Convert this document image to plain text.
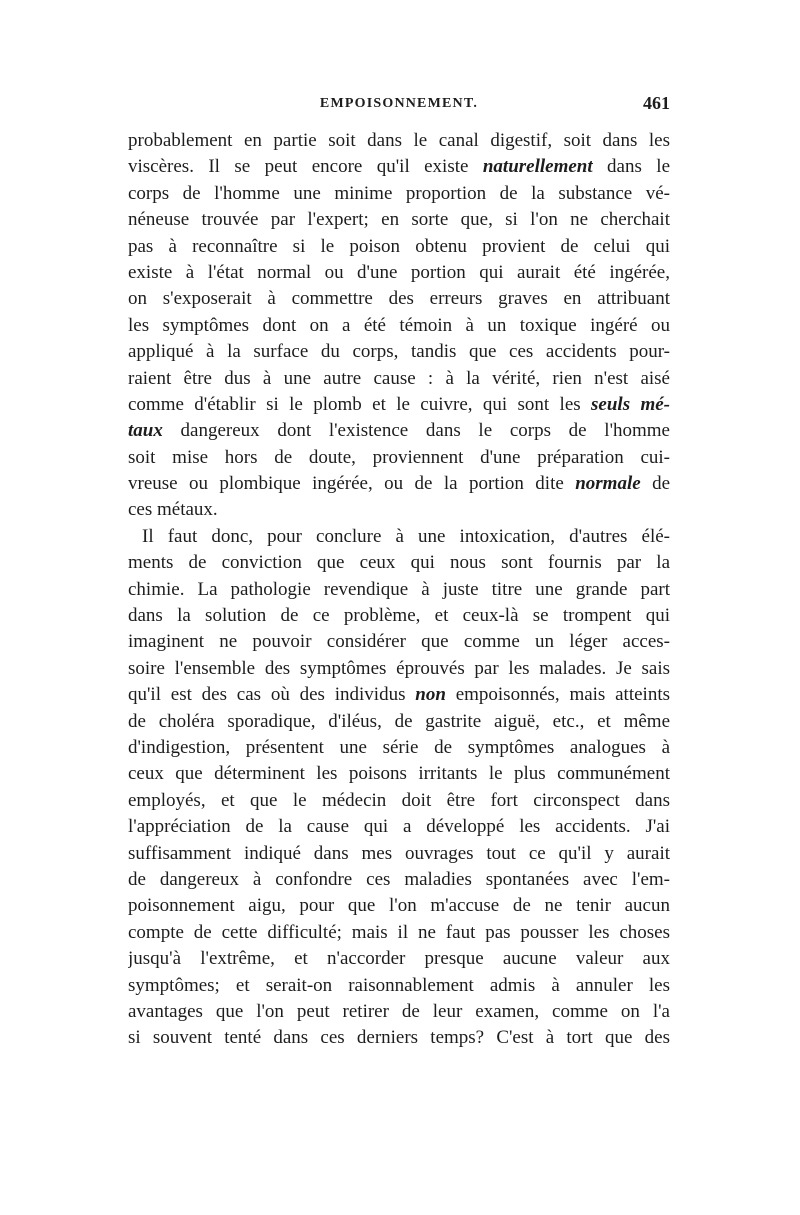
EMPOISONNEMENT.	461
probablement en partie soit dans le canal digestif, soit dans les
viscères. Il se peut encore qu'il existe naturellement dans le
corps de l'homme une minime proportion de la substance vé-
néneuse trouvée par l'expert; en sorte que, si l'on ne cherchait
pas à reconnaître si le poison obtenu provient de celui qui
existe à l'état normal ou d'une portion qui aurait été ingérée,
on s'exposerait à commettre des erreurs graves en attribuant
les symptômes dont on a été témoin à un toxique ingéré ou
appliqué à la surface du corps, tandis que ces accidents pour-
raient être dus à une autre cause : à la vérité, rien n'est aisé
comme d'établir si le plomb et le cuivre, qui sont les seuls mé-
taux dangereux dont l'existence dans le corps de l'homme
soit mise hors de doute, proviennent d'une préparation cui-
vreuse ou plombique ingérée, ou de la portion dite normale de
ces métaux.
Il faut donc, pour conclure à une intoxication, d'autres élé-
ments de conviction que ceux qui nous sont fournis par la
chimie. La pathologie revendique à juste titre une grande part
dans la solution de ce problème, et ceux-là se trompent qui
imaginent ne pouvoir considérer que comme un léger acces-
soire l'ensemble des symptômes éprouvés par les malades. Je sais
qu'il est des cas où des individus non empoisonnés, mais atteints
de choléra sporadique, d'iléus, de gastrite aiguë, etc., et même
d'indigestion, présentent une série de symptômes analogues à
ceux que déterminent les poisons irritants le plus communément
employés, et que le médecin doit être fort circonspect dans
l'appréciation de la cause qui a développé les accidents. J'ai
suffisamment indiqué dans mes ouvrages tout ce qu'il y aurait
de dangereux à confondre ces maladies spontanées avec l'em-
poisonnement aigu, pour que l'on m'accuse de ne tenir aucun
compte de cette difficulté; mais il ne faut pas pousser les choses
jusqu'à l'extrême, et n'accorder presque aucune valeur aux
symptômes; et serait-on raisonnablement admis à annuler les
avantages que l'on peut retirer de leur examen, comme on l'a
si souvent tenté dans ces derniers temps? C'est à tort que des
